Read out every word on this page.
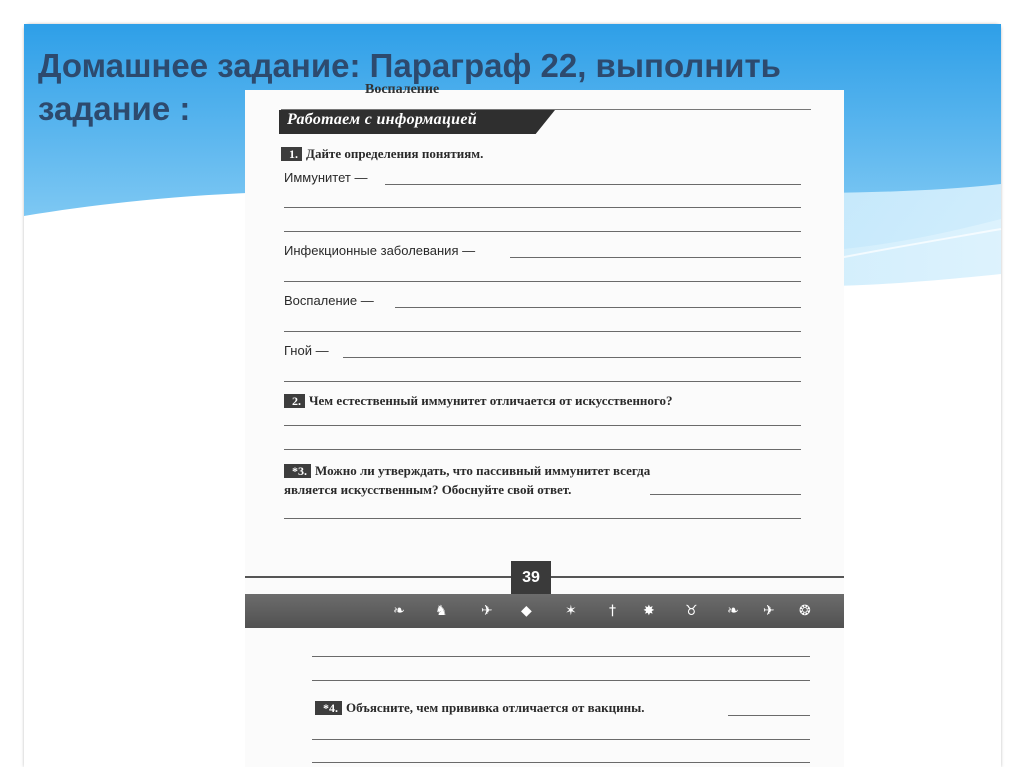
Домашнее задание: Параграф 22, выполнить
задание :
Воспаление
Работаем с информацией
1. Дайте определения понятиям.
Иммунитет —
Инфекционные заболевания —
Воспаление —
Гной —
2. Чем естественный иммунитет отличается от искусственного?
*3. Можно ли утверждать, что пассивный иммунитет всегда
является искусственным? Обоснуйте свой ответ.
39
❧ ♞ ✈ ◆ ✶ † ✸ ♉ ❧ ✈ ❂
*4. Объясните, чем прививка отличается от вакцины.
